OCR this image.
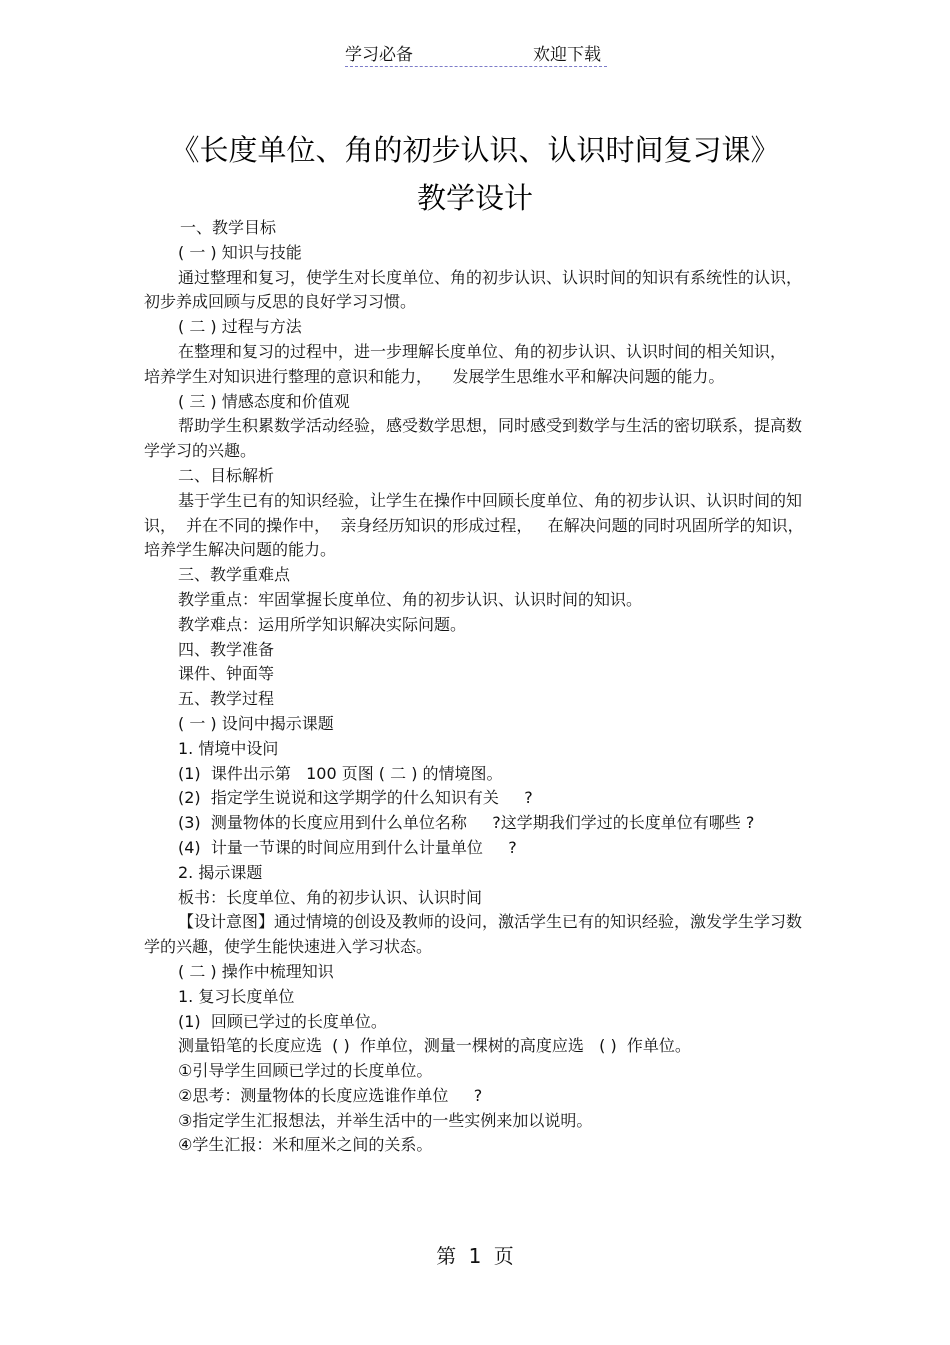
学习必备	欢迎下载
《长度单位、角的初步认识、认识时间复习课》
教学设计

一、教学目标

( 一 ) 知识与技能

通过整理和复习，使学生对长度单位、角的初步认识、认识时间的知识有系统性的认识，初步养成回顾与反思的良好学习习惯。

( 二 ) 过程与方法

在整理和复习的过程中，进一步理解长度单位、角的初步认识、认识时间的相关知识，  培养学生对知识进行整理的意识和能力，    发展学生思维水平和解决问题的能力。

( 三 ) 情感态度和价值观

帮助学生积累数学活动经验，感受数学思想，同时感受到数学与生活的密切联系，提高数学学习的兴趣。

二、目标解析

基于学生已有的知识经验，让学生在操作中回顾长度单位、角的初步认识、认识时间的知识，  并在不同的操作中，  亲身经历知识的形成过程，   在解决问题的同时巩固所学的知识，培养学生解决问题的能力。

三、教学重难点

教学重点：牢固掌握长度单位、角的初步认识、认识时间的知识。

教学难点：运用所学知识解决实际问题。

四、教学准备

课件、钟面等

五、教学过程

( 一 ) 设问中揭示课题

1. 情境中设问

(1)  课件出示第   100 页图 ( 二 ) 的情境图。

(2)  指定学生说说和这学期学的什么知识有关     ?

(3)  测量物体的长度应用到什么单位名称     ?这学期我们学过的长度单位有哪些 ?

(4)  计量一节课的时间应用到什么计量单位     ?

2. 揭示课题

板书：长度单位、角的初步认识、认识时间

【设计意图】通过情境的创设及教师的设问，激活学生已有的知识经验，激发学生学习数学的兴趣，使学生能快速进入学习状态。

( 二 ) 操作中梳理知识

1. 复习长度单位

(1)  回顾已学过的长度单位。

测量铅笔的长度应选  ( )  作单位，测量一棵树的高度应选   ( )  作单位。

①引导学生回顾已学过的长度单位。

②思考：测量物体的长度应选谁作单位     ?

③指定学生汇报想法，并举生活中的一些实例来加以说明。

④学生汇报：米和厘米之间的关系。

第 1 页
